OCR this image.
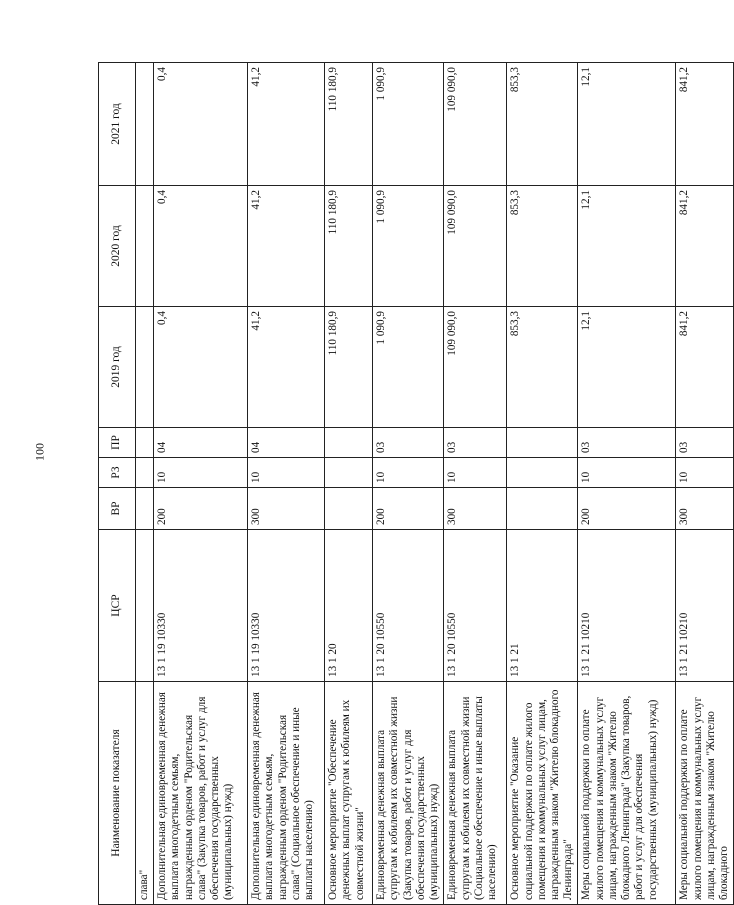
100
Наименование показателя	ЦСР	ВР	РЗ	ПР	2019 год	2020 год	2021 год
слава"							
Дополнительная единовременная денежная выплата многодетным семьям, награжденным орденом "Родительская слава" (Закупка товаров, работ и услуг для обеспечения государственных (муниципальных) нужд)	13 1 19 10330	200	10	04	0,4	0,4	0,4
Дополнительная единовременная денежная выплата многодетным семьям, награжденным орденом "Родительская слава" (Социальное обеспечение и иные выплаты населению)	13 1 19 10330	300	10	04	41,2	41,2	41,2
Основное мероприятие "Обеспечение денежных выплат супругам к юбилеям их совместной жизни"	13 1 20				110 180,9	110 180,9	110 180,9
Единовременная денежная выплата супругам к юбилеям их совместной жизни (Закупка товаров, работ и услуг для обеспечения государственных (муниципальных) нужд)	13 1 20 10550	200	10	03	1 090,9	1 090,9	1 090,9
Единовременная денежная выплата супругам к юбилеям их совместной жизни (Социальное обеспечение и иные выплаты населению)	13 1 20 10550	300	10	03	109 090,0	109 090,0	109 090,0
Основное мероприятие "Оказание социальной поддержки по оплате жилого помещения и коммунальных услуг лицам, награжденным знаком "Жителю блокадного Ленинграда"	13 1 21				853,3	853,3	853,3
Меры социальной поддержки по оплате жилого помещения и коммунальных услуг лицам, награжденным знаком "Жителю блокадного Ленинграда" (Закупка товаров, работ и услуг для обеспечения государственных (муниципальных) нужд)	13 1 21 10210	200	10	03	12,1	12,1	12,1
Меры социальной поддержки по оплате жилого помещения и коммунальных услуг лицам, награжденным знаком "Жителю блокадного	13 1 21 10210	300	10	03	841,2	841,2	841,2
